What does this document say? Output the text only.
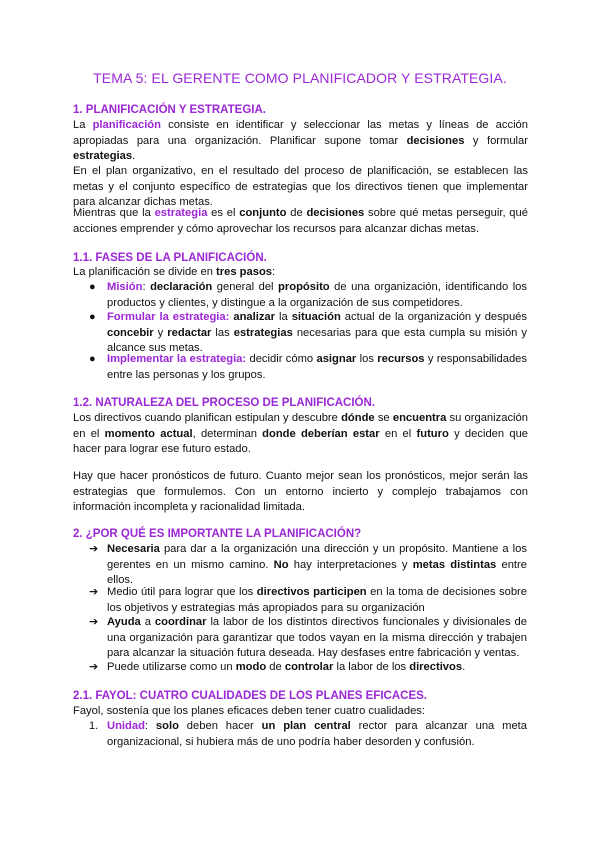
TEMA 5: EL GERENTE COMO PLANIFICADOR Y ESTRATEGIA.
1. PLANIFICACIÓN Y ESTRATEGIA.
La planificación consiste en identificar y seleccionar las metas y líneas de acción apropiadas para una organización. Planificar supone tomar decisiones y formular estrategias.
En el plan organizativo, en el resultado del proceso de planificación, se establecen las metas y el conjunto específico de estrategias que los directivos tienen que implementar para alcanzar dichas metas.
Mientras que la estrategia es el conjunto de decisiones sobre qué metas perseguir, qué acciones emprender y cómo aprovechar los recursos para alcanzar dichas metas.
1.1. FASES DE LA PLANIFICACIÓN.
La planificación se divide en tres pasos:
●	Misión: declaración general del propósito de una organización, identificando los productos y clientes, y distingue a la organización de sus competidores.
●	Formular la estrategia: analizar la situación actual de la organización y después concebir y redactar las estrategias necesarias para que esta cumpla su misión y alcance sus metas.
●	Implementar la estrategia: decidir cómo asignar los recursos y responsabilidades entre las personas y los grupos.
1.2. NATURALEZA DEL PROCESO DE PLANIFICACIÓN.
Los directivos cuando planifican estipulan y descubre dónde se encuentra su organización en el momento actual, determinan donde deberían estar en el futuro y deciden que hacer para lograr ese futuro estado.
Hay que hacer pronósticos de futuro. Cuanto mejor sean los pronósticos, mejor serán las estrategias que formulemos. Con un entorno incierto y complejo trabajamos con información incompleta y racionalidad limitada.
2. ¿POR QUÉ ES IMPORTANTE LA PLANIFICACIÓN?
➔ Necesaria para dar a la organización una dirección y un propósito. Mantiene a los gerentes en un mismo camino. No hay interpretaciones y metas distintas entre ellos.
➔ Medio útil para lograr que los directivos participen en la toma de decisiones sobre los objetivos y estrategias más apropiados para su organización
➔ Ayuda a coordinar la labor de los distintos directivos funcionales y divisionales de una organización para garantizar que todos vayan en la misma dirección y trabajen para alcanzar la situación futura deseada. Hay desfases entre fabricación y ventas.
➔ Puede utilizarse como un modo de controlar la labor de los directivos.
2.1. FAYOL: CUATRO CUALIDADES DE LOS PLANES EFICACES.
Fayol, sostenía que los planes eficaces deben tener cuatro cualidades:
1. Unidad: solo deben hacer un plan central rector para alcanzar una meta organizacional, si hubiera más de uno podría haber desorden y confusión.
